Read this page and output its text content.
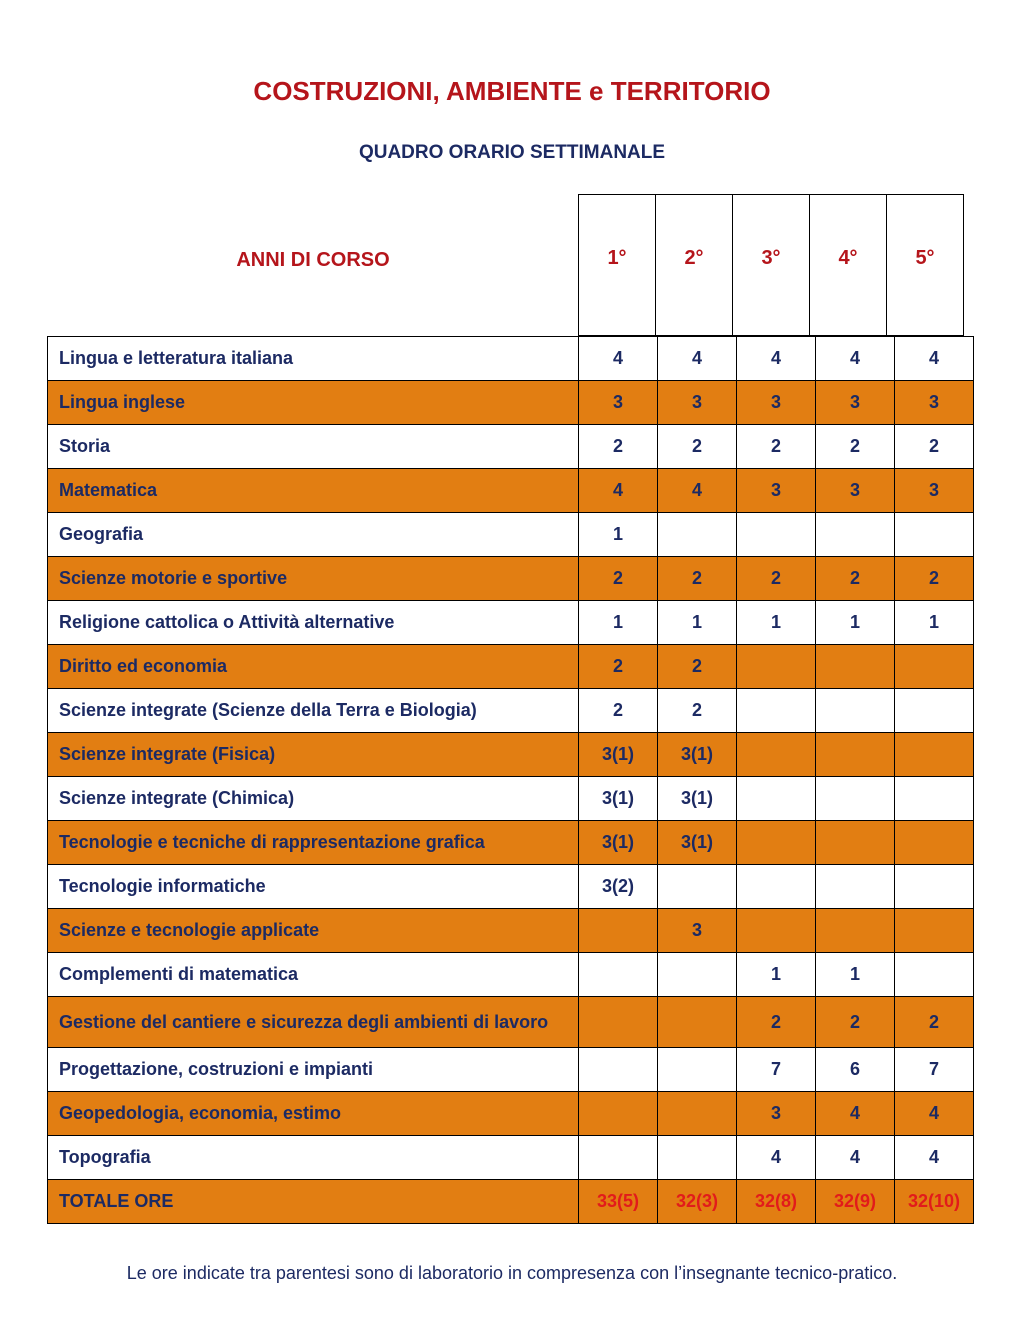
COSTRUZIONI, AMBIENTE e TERRITORIO
QUADRO ORARIO SETTIMANALE
ANNI DI CORSO	1°	2°	3°	4°	5°
Lingua e letteratura italiana	4	4	4	4	4
Lingua inglese	3	3	3	3	3
Storia	2	2	2	2	2
Matematica	4	4	3	3	3
Geografia	1				
Scienze motorie e sportive	2	2	2	2	2
Religione cattolica o Attività alternative	1	1	1	1	1
Diritto ed economia	2	2			
Scienze integrate (Scienze della Terra e Biologia)	2	2			
Scienze integrate (Fisica)	3(1)	3(1)			
Scienze integrate (Chimica)	3(1)	3(1)			
Tecnologie e tecniche di rappresentazione grafica	3(1)	3(1)			
Tecnologie informatiche	3(2)				
Scienze e tecnologie applicate		3			
Complementi di matematica			1	1	
Gestione del cantiere e sicurezza degli ambienti di lavoro			2	2	2
Progettazione, costruzioni e impianti			7	6	7
Geopedologia, economia, estimo			3	4	4
Topografia			4	4	4
TOTALE ORE	33(5)	32(3)	32(8)	32(9)	32(10)

Le ore indicate tra parentesi sono di laboratorio in compresenza con l’insegnante tecnico-pratico.
